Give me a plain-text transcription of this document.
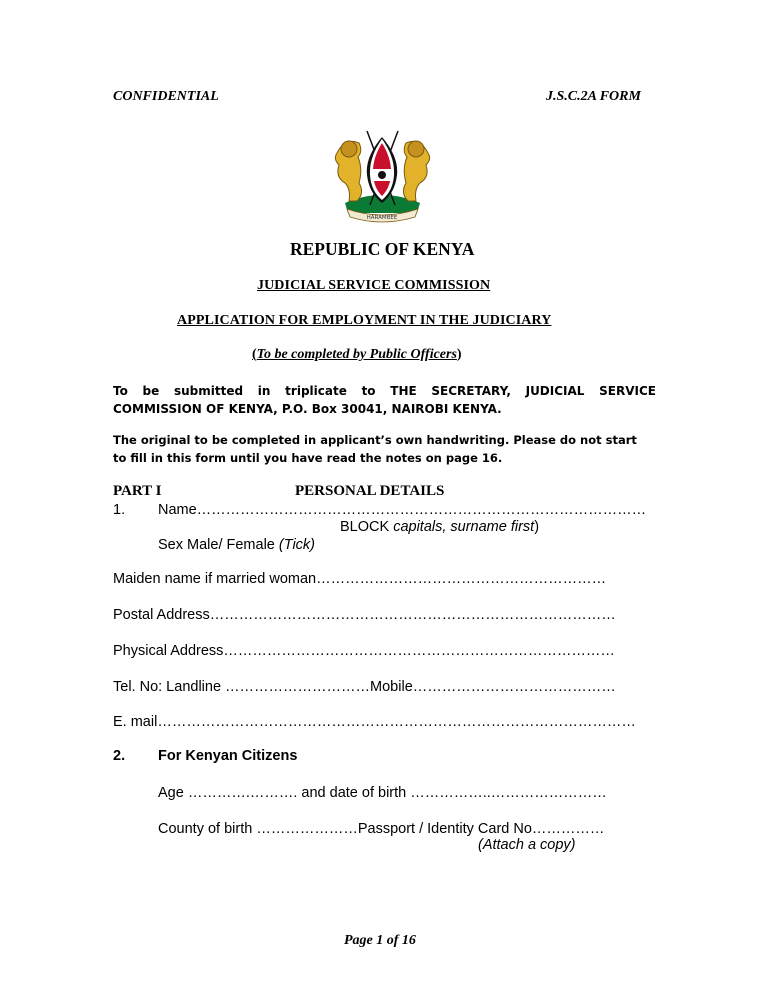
CONFIDENTIAL	J.S.C.2A FORM
HARAMBEE
REPUBLIC OF KENYA
JUDICIAL SERVICE COMMISSION
APPLICATION FOR EMPLOYMENT IN THE JUDICIARY
(To be completed by Public Officers)
To be submitted in triplicate to THE SECRETARY, JUDICIAL SERVICE
COMMISSION OF KENYA, P.O. Box 30041, NAIROBI KENYA.
The original to be completed in applicant’s own handwriting. Please do not start
to fill in this form until you have read the notes on page 16.
PART I	PERSONAL DETAILS
1. Name…………………………………………………………………………………
BLOCK capitals, surname first)
Sex Male/ Female (Tick)
Maiden name if married woman……………………………………………………
Postal Address…………………………………………………………………………
Physical Address………………………………………………………………………
Tel. No: Landline …………………………Mobile……………………………………
E. mail………………………………………………………………………………………
2. For Kenyan Citizens
Age ………….………. and date of birth ……………..……………………
County of birth …………………Passport / Identity Card No……………
(Attach a copy)
Page 1 of 16
